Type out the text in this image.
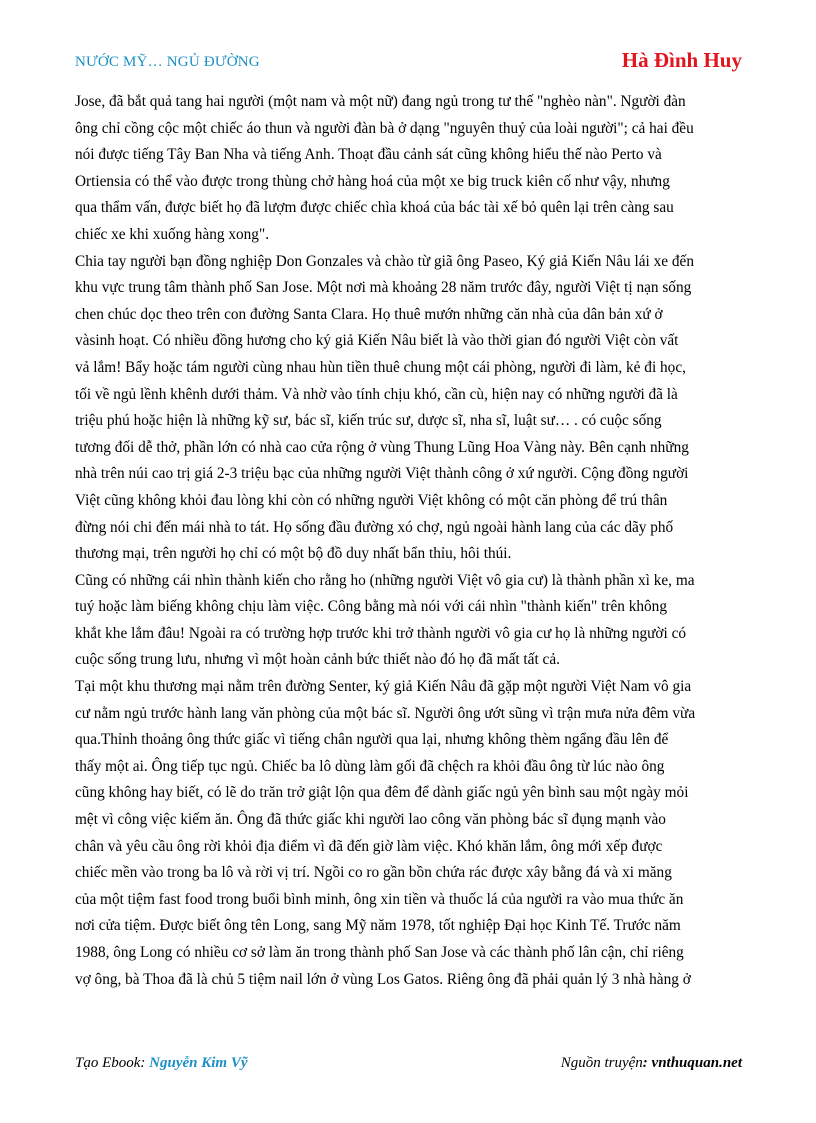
NƯỚC MỸ… NGỦ ĐƯỜNG	Hà Đình Huy

Jose, đã bắt quả tang hai người (một nam và một nữ) đang ngủ trong tư thế "nghèo nàn". Người đàn
ông chỉ cồng cộc một chiếc áo thun và người đàn bà ở dạng "nguyên thuỷ của loài người"; cả hai đều
nói được tiếng Tây Ban Nha và tiếng Anh. Thoạt đầu cảnh sát cũng không hiểu thế nào Perto và
Ortiensia có thể vào được trong thùng chở hàng hoá của một xe big truck kiên cố như vậy, nhưng
qua thẩm vấn, được biết họ đã lượm được chiếc chìa khoá của bác tài xế bỏ quên lại trên càng sau
chiếc xe khi xuống hàng xong".

Chia tay người bạn đồng nghiệp Don Gonzales và chào từ giã ông Paseo, Ký giả Kiến Nâu lái xe đến
khu vực trung tâm thành phố San Jose. Một nơi mà khoảng 28 năm trước đây, người Việt tị nạn sống
chen chúc dọc theo trên con đường Santa Clara. Họ thuê mướn những căn nhà của dân bản xứ ở
vàsinh hoạt. Có nhiều đồng hương cho ký giả Kiến Nâu biết là vào thời gian đó người Việt còn vất
vả lắm! Bẩy hoặc tám người cùng nhau hùn tiền thuê chung một cái phòng, người đi làm, kẻ đi học,
tối về ngủ lềnh khênh dưới thảm. Và nhờ vào tính chịu khó, cần cù, hiện nay có những người đã là
triệu phú hoặc hiện là những kỹ sư, bác sĩ, kiến trúc sư, dược sĩ, nha sĩ, luật sư… . có cuộc sống
tương đối dễ thở, phần lớn có nhà cao cửa rộng ở vùng Thung Lũng Hoa Vàng này. Bên cạnh những
nhà trên núi cao trị giá 2-3 triệu bạc của những người Việt thành công ở xứ người. Cộng đồng người
Việt cũng không khỏi đau lòng khi còn có những người Việt không có một căn phòng để trú thân
đừng nói chi đến mái nhà to tát. Họ sống đầu đường xó chợ, ngủ ngoài hành lang của các dãy phố
thương mại, trên người họ chỉ có một bộ đồ duy nhất bẩn thỉu, hôi thúi.

Cũng có những cái nhìn thành kiến cho rằng ho (những người Việt vô gia cư) là thành phần xì ke, ma
tuý hoặc làm biếng không chịu làm việc. Công bằng mà nói với cái nhìn "thành kiến" trên không
khắt khe lắm đâu! Ngoài ra có trường hợp trước khi trở thành người vô gia cư họ là những người có
cuộc sống trung lưu, nhưng vì một hoàn cảnh bức thiết nào đó họ đã mất tất cả.

Tại một khu thương mại nằm trên đường Senter, ký giả Kiến Nâu đã gặp một người Việt Nam vô gia
cư nằm ngủ trước hành lang văn phòng của một bác sĩ. Người ông ướt sũng vì trận mưa nửa đêm vừa
qua.Thỉnh thoảng ông thức giấc vì tiếng chân người qua lại, nhưng không thèm ngẩng đầu lên để
thấy một ai. Ông tiếp tục ngủ. Chiếc ba lô dùng làm gối đã chệch ra khỏi đầu ông từ lúc nào ông
cũng không hay biết, có lẽ do trăn trở giật lộn qua đêm để dành giấc ngủ yên bình sau một ngày mỏi
mệt vì công việc kiếm ăn. Ông đã thức giấc khi người lao công văn phòng bác sĩ đụng mạnh vào
chân và yêu cầu ông rời khỏi địa điểm vì đã đến giờ làm việc. Khó khăn lắm, ông mới xếp được
chiếc mền vào trong ba lô và rời vị trí. Ngồi co ro gần bồn chứa rác được xây bằng đá và xi măng
của một tiệm fast food trong buổi bình minh, ông xin tiền và thuốc lá của người ra vào mua thức ăn
nơi cửa tiệm. Được biết ông tên Long, sang Mỹ năm 1978, tốt nghiệp Đại học Kinh Tế. Trước năm
1988, ông Long có nhiều cơ sở làm ăn trong thành phố San Jose và các thành phố lân cận, chỉ riêng
vợ ông, bà Thoa đã là chủ 5 tiệm nail lớn ở vùng Los Gatos. Riêng ông đã phải quản lý 3 nhà hàng ở

Tạo Ebook: Nguyễn Kim Vỹ	Nguồn truyện: vnthuquan.net
